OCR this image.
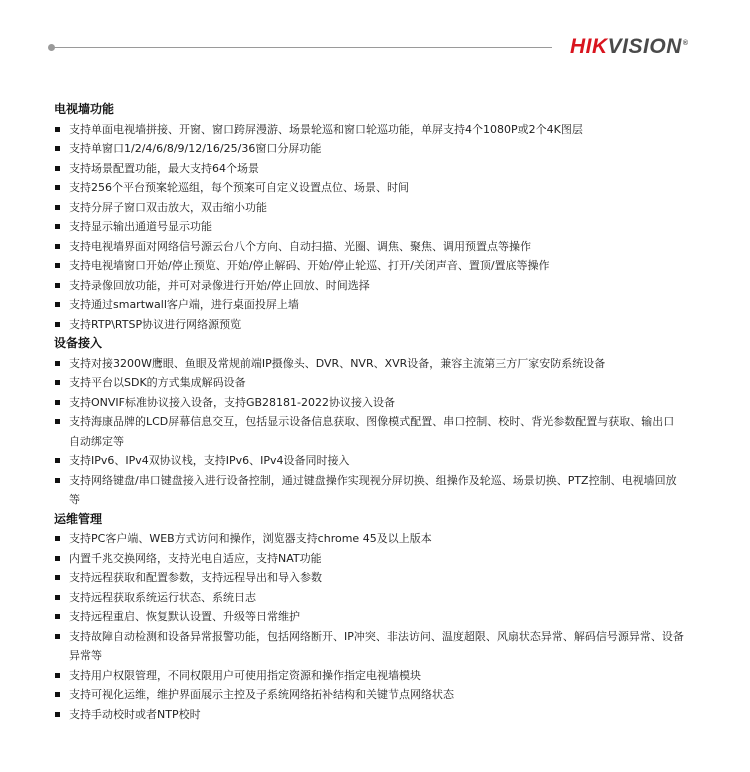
HIKVISION®
电视墙功能
支持单面电视墙拼接、开窗、窗口跨屏漫游、场景轮巡和窗口轮巡功能，单屏支持4个1080P或2个4K图层
支持单窗口1/2/4/6/8/9/12/16/25/36窗口分屏功能
支持场景配置功能，最大支持64个场景
支持256个平台预案轮巡组，每个预案可自定义设置点位、场景、时间
支持分屏子窗口双击放大，双击缩小功能
支持显示输出通道号显示功能
支持电视墙界面对网络信号源云台八个方向、自动扫描、光圈、调焦、聚焦、调用预置点等操作
支持电视墙窗口开始/停止预览、开始/停止解码、开始/停止轮巡、打开/关闭声音、置顶/置底等操作
支持录像回放功能，并可对录像进行开始/停止回放、时间选择
支持通过smartwall客户端，进行桌面投屏上墙
支持RTP\RTSP协议进行网络源预览
设备接入
支持对接3200W鹰眼、鱼眼及常规前端IP摄像头、DVR、NVR、XVR设备，兼容主流第三方厂家安防系统设备
支持平台以SDK的方式集成解码设备
支持ONVIF标准协议接入设备，支持GB28181-2022协议接入设备
支持海康品牌的LCD屏幕信息交互，包括显示设备信息获取、图像模式配置、串口控制、校时、背光参数配置与获取、输出口自动绑定等
支持IPv6、IPv4双协议栈，支持IPv6、IPv4设备同时接入
支持网络键盘/串口键盘接入进行设备控制，通过键盘操作实现视分屏切换、组操作及轮巡、场景切换、PTZ控制、电视墙回放等
运维管理
支持PC客户端、WEB方式访问和操作，浏览器支持chrome 45及以上版本
内置千兆交换网络，支持光电自适应，支持NAT功能
支持远程获取和配置参数，支持远程导出和导入参数
支持远程获取系统运行状态、系统日志
支持远程重启、恢复默认设置、升级等日常维护
支持故障自动检测和设备异常报警功能，包括网络断开、IP冲突、非法访问、温度超限、风扇状态异常、解码信号源异常、设备异常等
支持用户权限管理，不同权限用户可使用指定资源和操作指定电视墙模块
支持可视化运维，维护界面展示主控及子系统网络拓补结构和关键节点网络状态
支持手动校时或者NTP校时
